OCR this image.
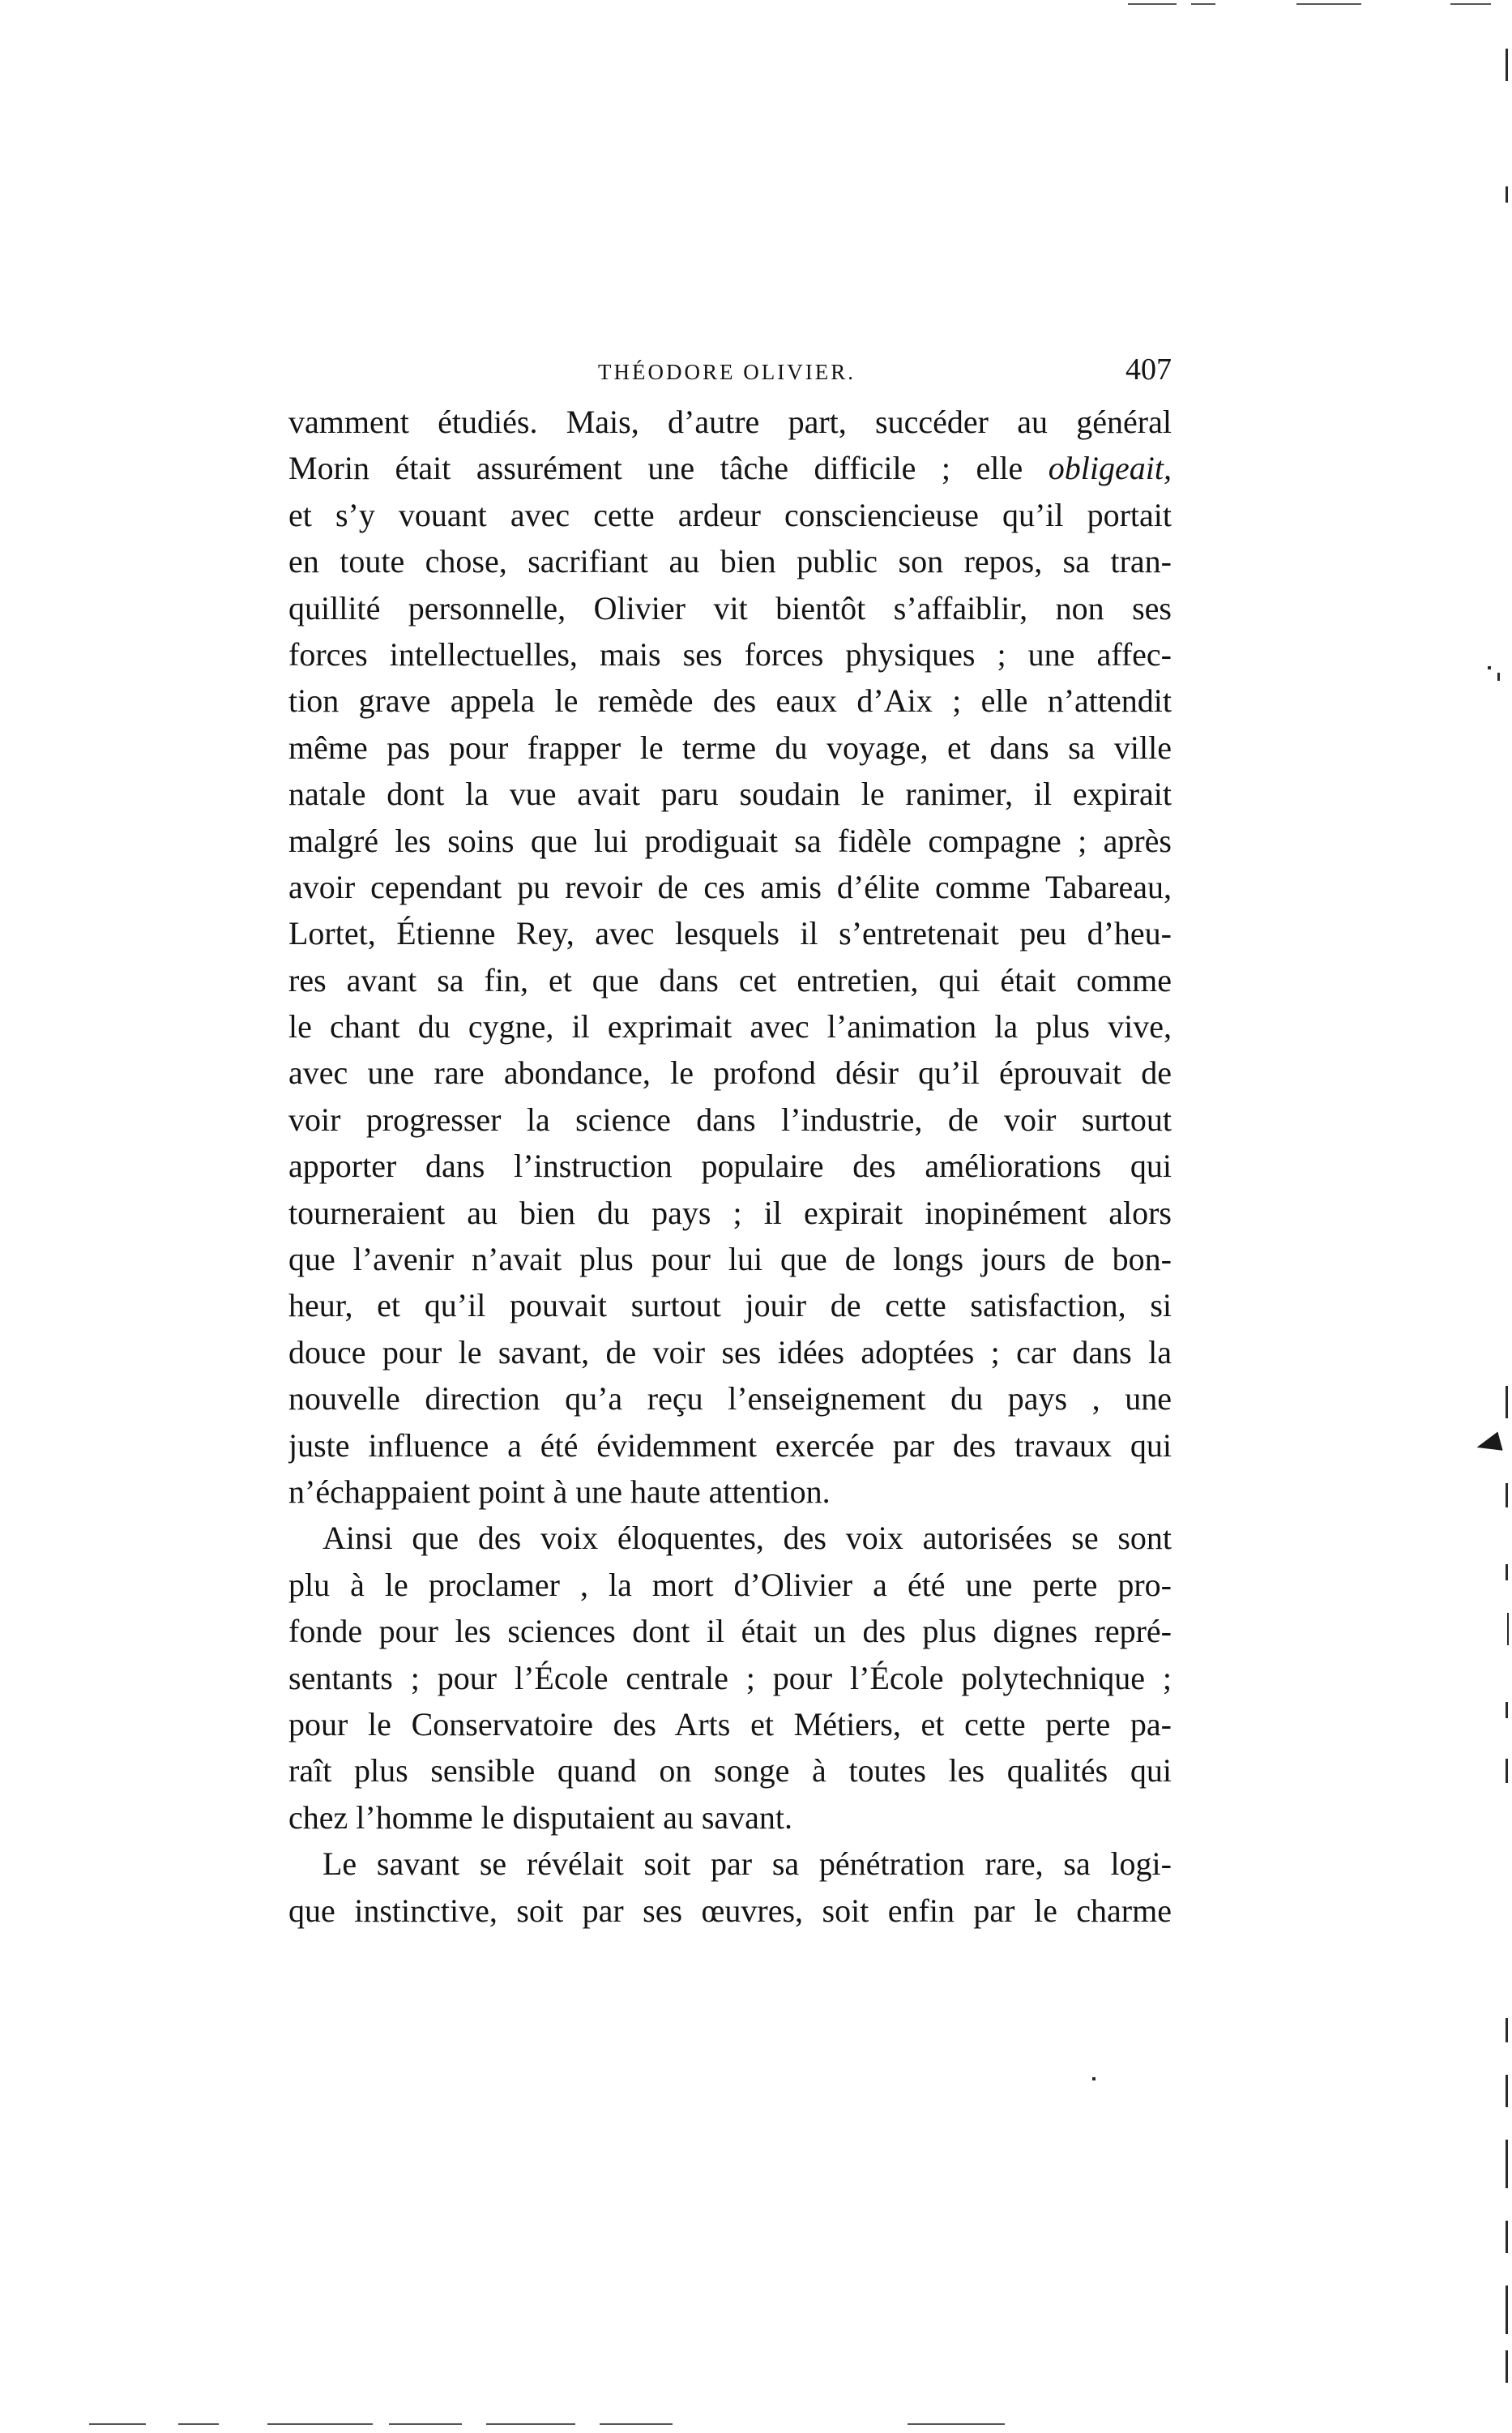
THÉODORE OLIVIER.	407
vamment étudiés. Mais, d’autre part, succéder au général
Morin était assurément une tâche difficile ; elle obligeait,
et s’y vouant avec cette ardeur consciencieuse qu’il portait
en toute chose, sacrifiant au bien public son repos, sa tran-
quillité personnelle, Olivier vit bientôt s’affaiblir, non ses
forces intellectuelles, mais ses forces physiques ; une affec-
tion grave appela le remède des eaux d’Aix ; elle n’attendit
même pas pour frapper le terme du voyage, et dans sa ville
natale dont la vue avait paru soudain le ranimer, il expirait
malgré les soins que lui prodiguait sa fidèle compagne ; après
avoir cependant pu revoir de ces amis d’élite comme Tabareau,
Lortet, Étienne Rey, avec lesquels il s’entretenait peu d’heu-
res avant sa fin, et que dans cet entretien, qui était comme
le chant du cygne, il exprimait avec l’animation la plus vive,
avec une rare abondance, le profond désir qu’il éprouvait de
voir progresser la science dans l’industrie, de voir surtout
apporter dans l’instruction populaire des améliorations qui
tourneraient au bien du pays ; il expirait inopinément alors
que l’avenir n’avait plus pour lui que de longs jours de bon-
heur, et qu’il pouvait surtout jouir de cette satisfaction, si
douce pour le savant, de voir ses idées adoptées ; car dans la
nouvelle direction qu’a reçu l’enseignement du pays , une
juste influence a été évidemment exercée par des travaux qui
n’échappaient point à une haute attention.
Ainsi que des voix éloquentes, des voix autorisées se sont
plu à le proclamer , la mort d’Olivier a été une perte pro-
fonde pour les sciences dont il était un des plus dignes repré-
sentants ; pour l’École centrale ; pour l’École polytechnique ;
pour le Conservatoire des Arts et Métiers, et cette perte pa-
raît plus sensible quand on songe à toutes les qualités qui
chez l’homme le disputaient au savant.
Le savant se révélait soit par sa pénétration rare, sa logi-
que instinctive, soit par ses œuvres, soit enfin par le charme
